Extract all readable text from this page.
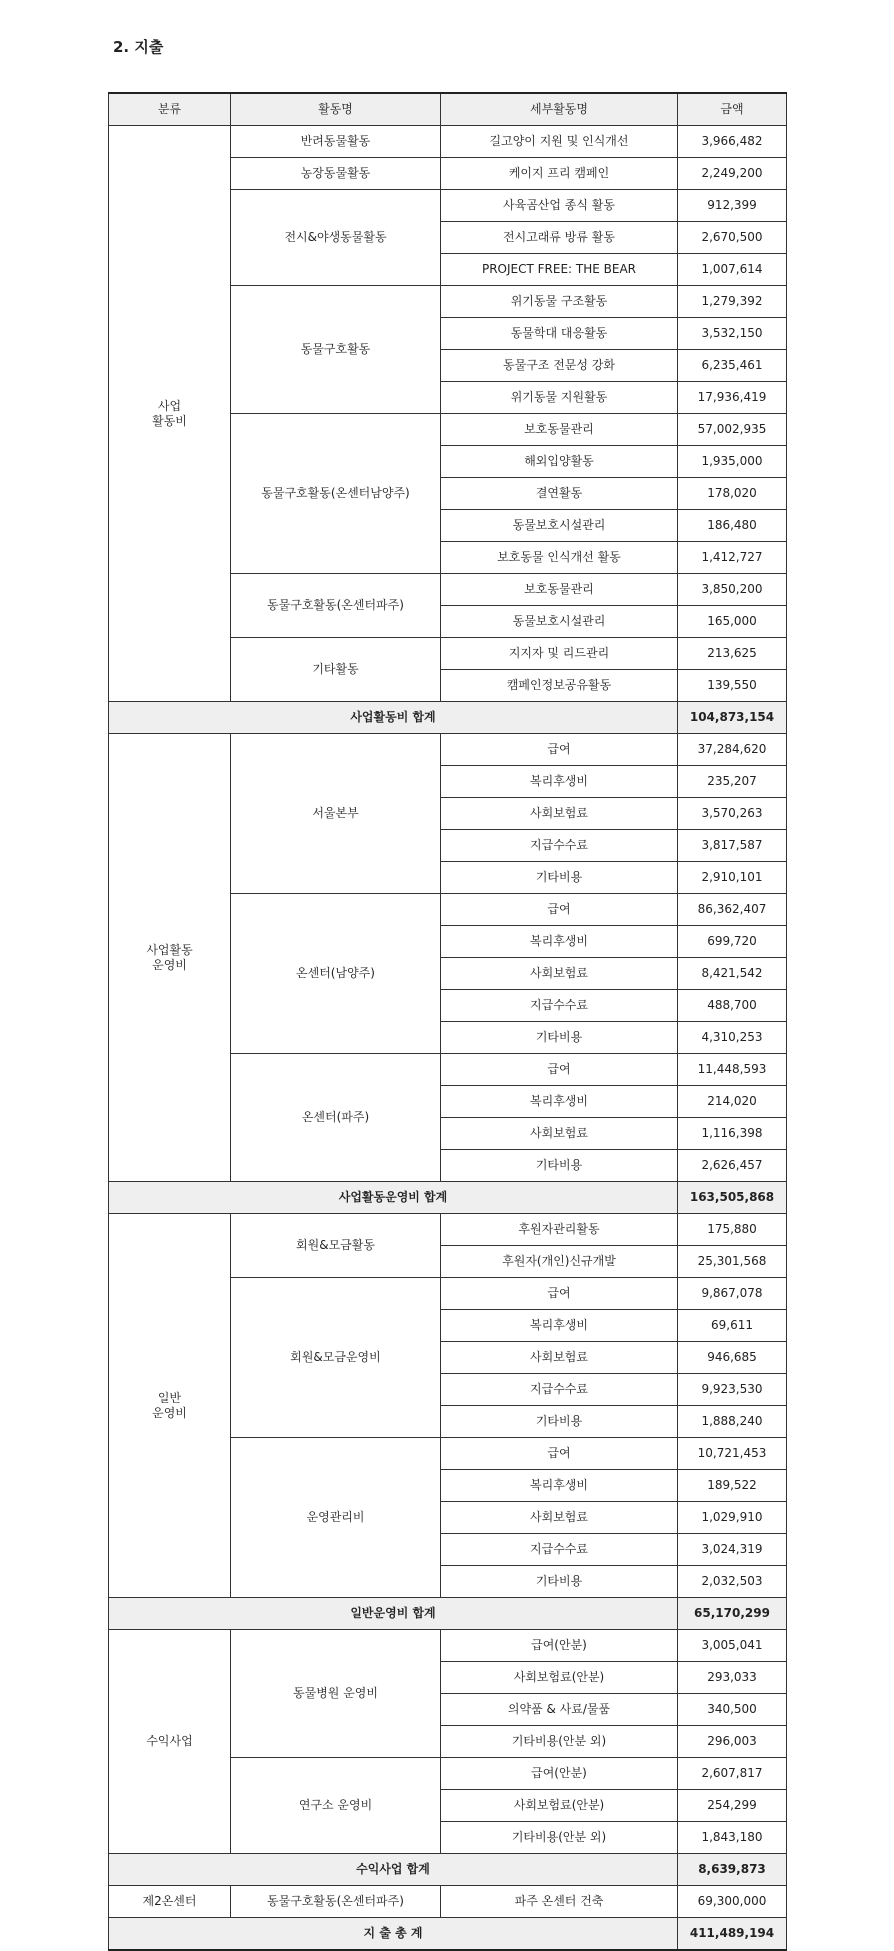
2. 지출
분류	활동명	세부활동명	금액
사업
활동비	반려동물활동	길고양이 지원 및 인식개선	3,966,482
	농장동물활동	케이지 프리 캠페인	2,249,200
	전시&야생동물활동	사육곰산업 종식 활동	912,399
		전시고래류 방류 활동	2,670,500
		PROJECT FREE: THE BEAR	1,007,614
	동물구호활동	위기동물 구조활동	1,279,392
		동물학대 대응활동	3,532,150
		동물구조 전문성 강화	6,235,461
		위기동물 지원활동	17,936,419
	동물구호활동(온센터남양주)	보호동물관리	57,002,935
		해외입양활동	1,935,000
		결연활동	178,020
		동물보호시설관리	186,480
		보호동물 인식개선 활동	1,412,727
	동물구호활동(온센터파주)	보호동물관리	3,850,200
		동물보호시설관리	165,000
	기타활동	지지자 및 리드관리	213,625
		캠페인정보공유활동	139,550
사업활동비 합계			104,873,154
사업활동
운영비	서울본부	급여	37,284,620
		복리후생비	235,207
		사회보험료	3,570,263
		지급수수료	3,817,587
		기타비용	2,910,101
	온센터(남양주)	급여	86,362,407
		복리후생비	699,720
		사회보험료	8,421,542
		지급수수료	488,700
		기타비용	4,310,253
	온센터(파주)	급여	11,448,593
		복리후생비	214,020
		사회보험료	1,116,398
		기타비용	2,626,457
사업활동운영비 합계			163,505,868
일반
운영비	회원&모금활동	후원자관리활동	175,880
		후원자(개인)신규개발	25,301,568
	회원&모금운영비	급여	9,867,078
		복리후생비	69,611
		사회보험료	946,685
		지급수수료	9,923,530
		기타비용	1,888,240
	운영관리비	급여	10,721,453
		복리후생비	189,522
		사회보험료	1,029,910
		지급수수료	3,024,319
		기타비용	2,032,503
일반운영비 합계			65,170,299
수익사업	동물병원 운영비	급여(안분)	3,005,041
		사회보험료(안분)	293,033
		의약품 & 사료/물품	340,500
		기타비용(안분 외)	296,003
	연구소 운영비	급여(안분)	2,607,817
		사회보험료(안분)	254,299
		기타비용(안분 외)	1,843,180
수익사업 합계			8,639,873
제2온센터	동물구호활동(온센터파주)	파주 온센터 건축	69,300,000
지 출 총 계			411,489,194
